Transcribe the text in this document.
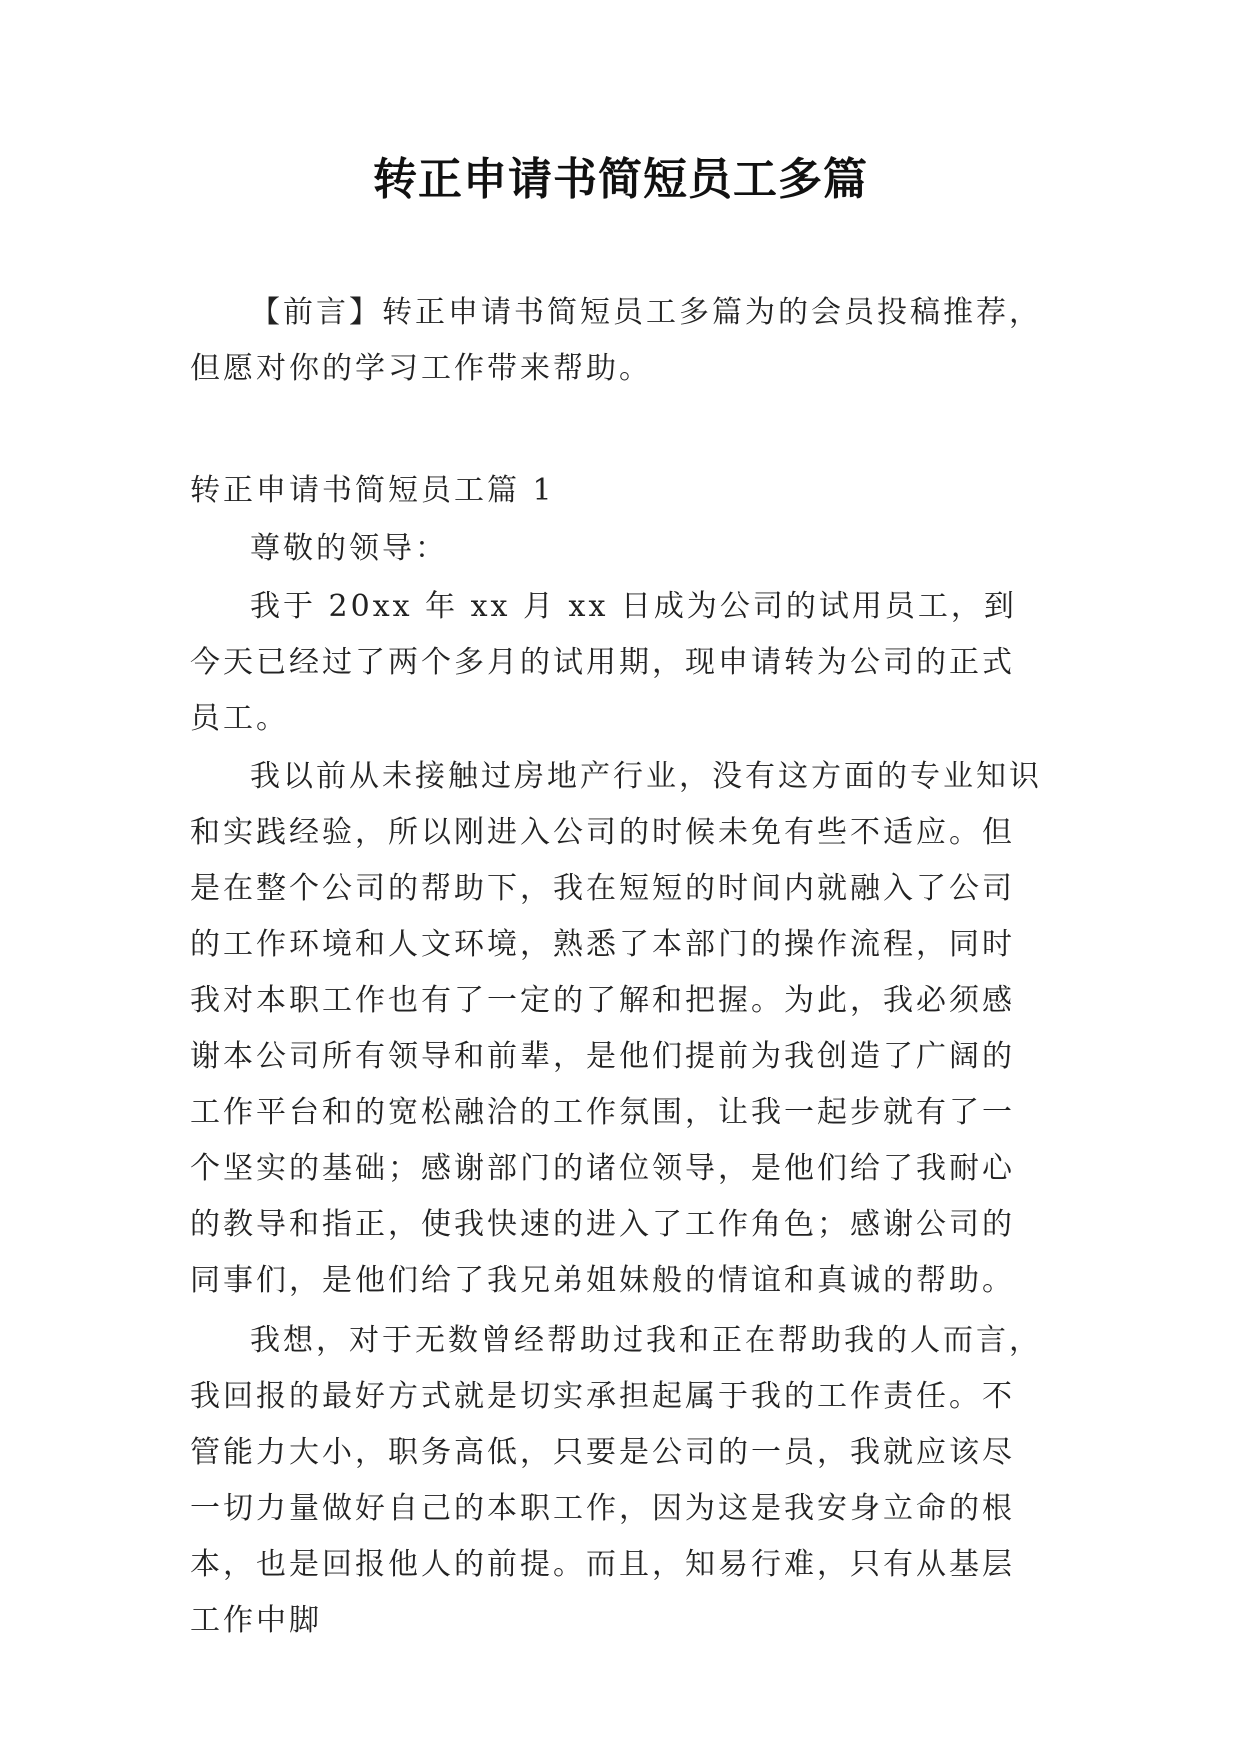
转正申请书简短员工多篇

【前言】转正申请书简短员工多篇为的会员投稿推荐，但愿对你的学习工作带来帮助。

转正申请书简短员工篇 1

尊敬的领导：

我于 20xx 年 xx 月 xx 日成为公司的试用员工，到今天已经过了两个多月的试用期，现申请转为公司的正式员工。

我以前从未接触过房地产行业，没有这方面的专业知识和实践经验，所以刚进入公司的时候未免有些不适应。但是在整个公司的帮助下，我在短短的时间内就融入了公司的工作环境和人文环境，熟悉了本部门的操作流程，同时我对本职工作也有了一定的了解和把握。为此，我必须感谢本公司所有领导和前辈，是他们提前为我创造了广阔的工作平台和的宽松融洽的工作氛围，让我一起步就有了一个坚实的基础；感谢部门的诸位领导，是他们给了我耐心的教导和指正，使我快速的进入了工作角色；感谢公司的同事们，是他们给了我兄弟姐妹般的情谊和真诚的帮助。

我想，对于无数曾经帮助过我和正在帮助我的人而言，我回报的最好方式就是切实承担起属于我的工作责任。不管能力大小，职务高低，只要是公司的一员，我就应该尽一切力量做好自己的本职工作，因为这是我安身立命的根本，也是回报他人的前提。而且，知易行难，只有从基层工作中脚
